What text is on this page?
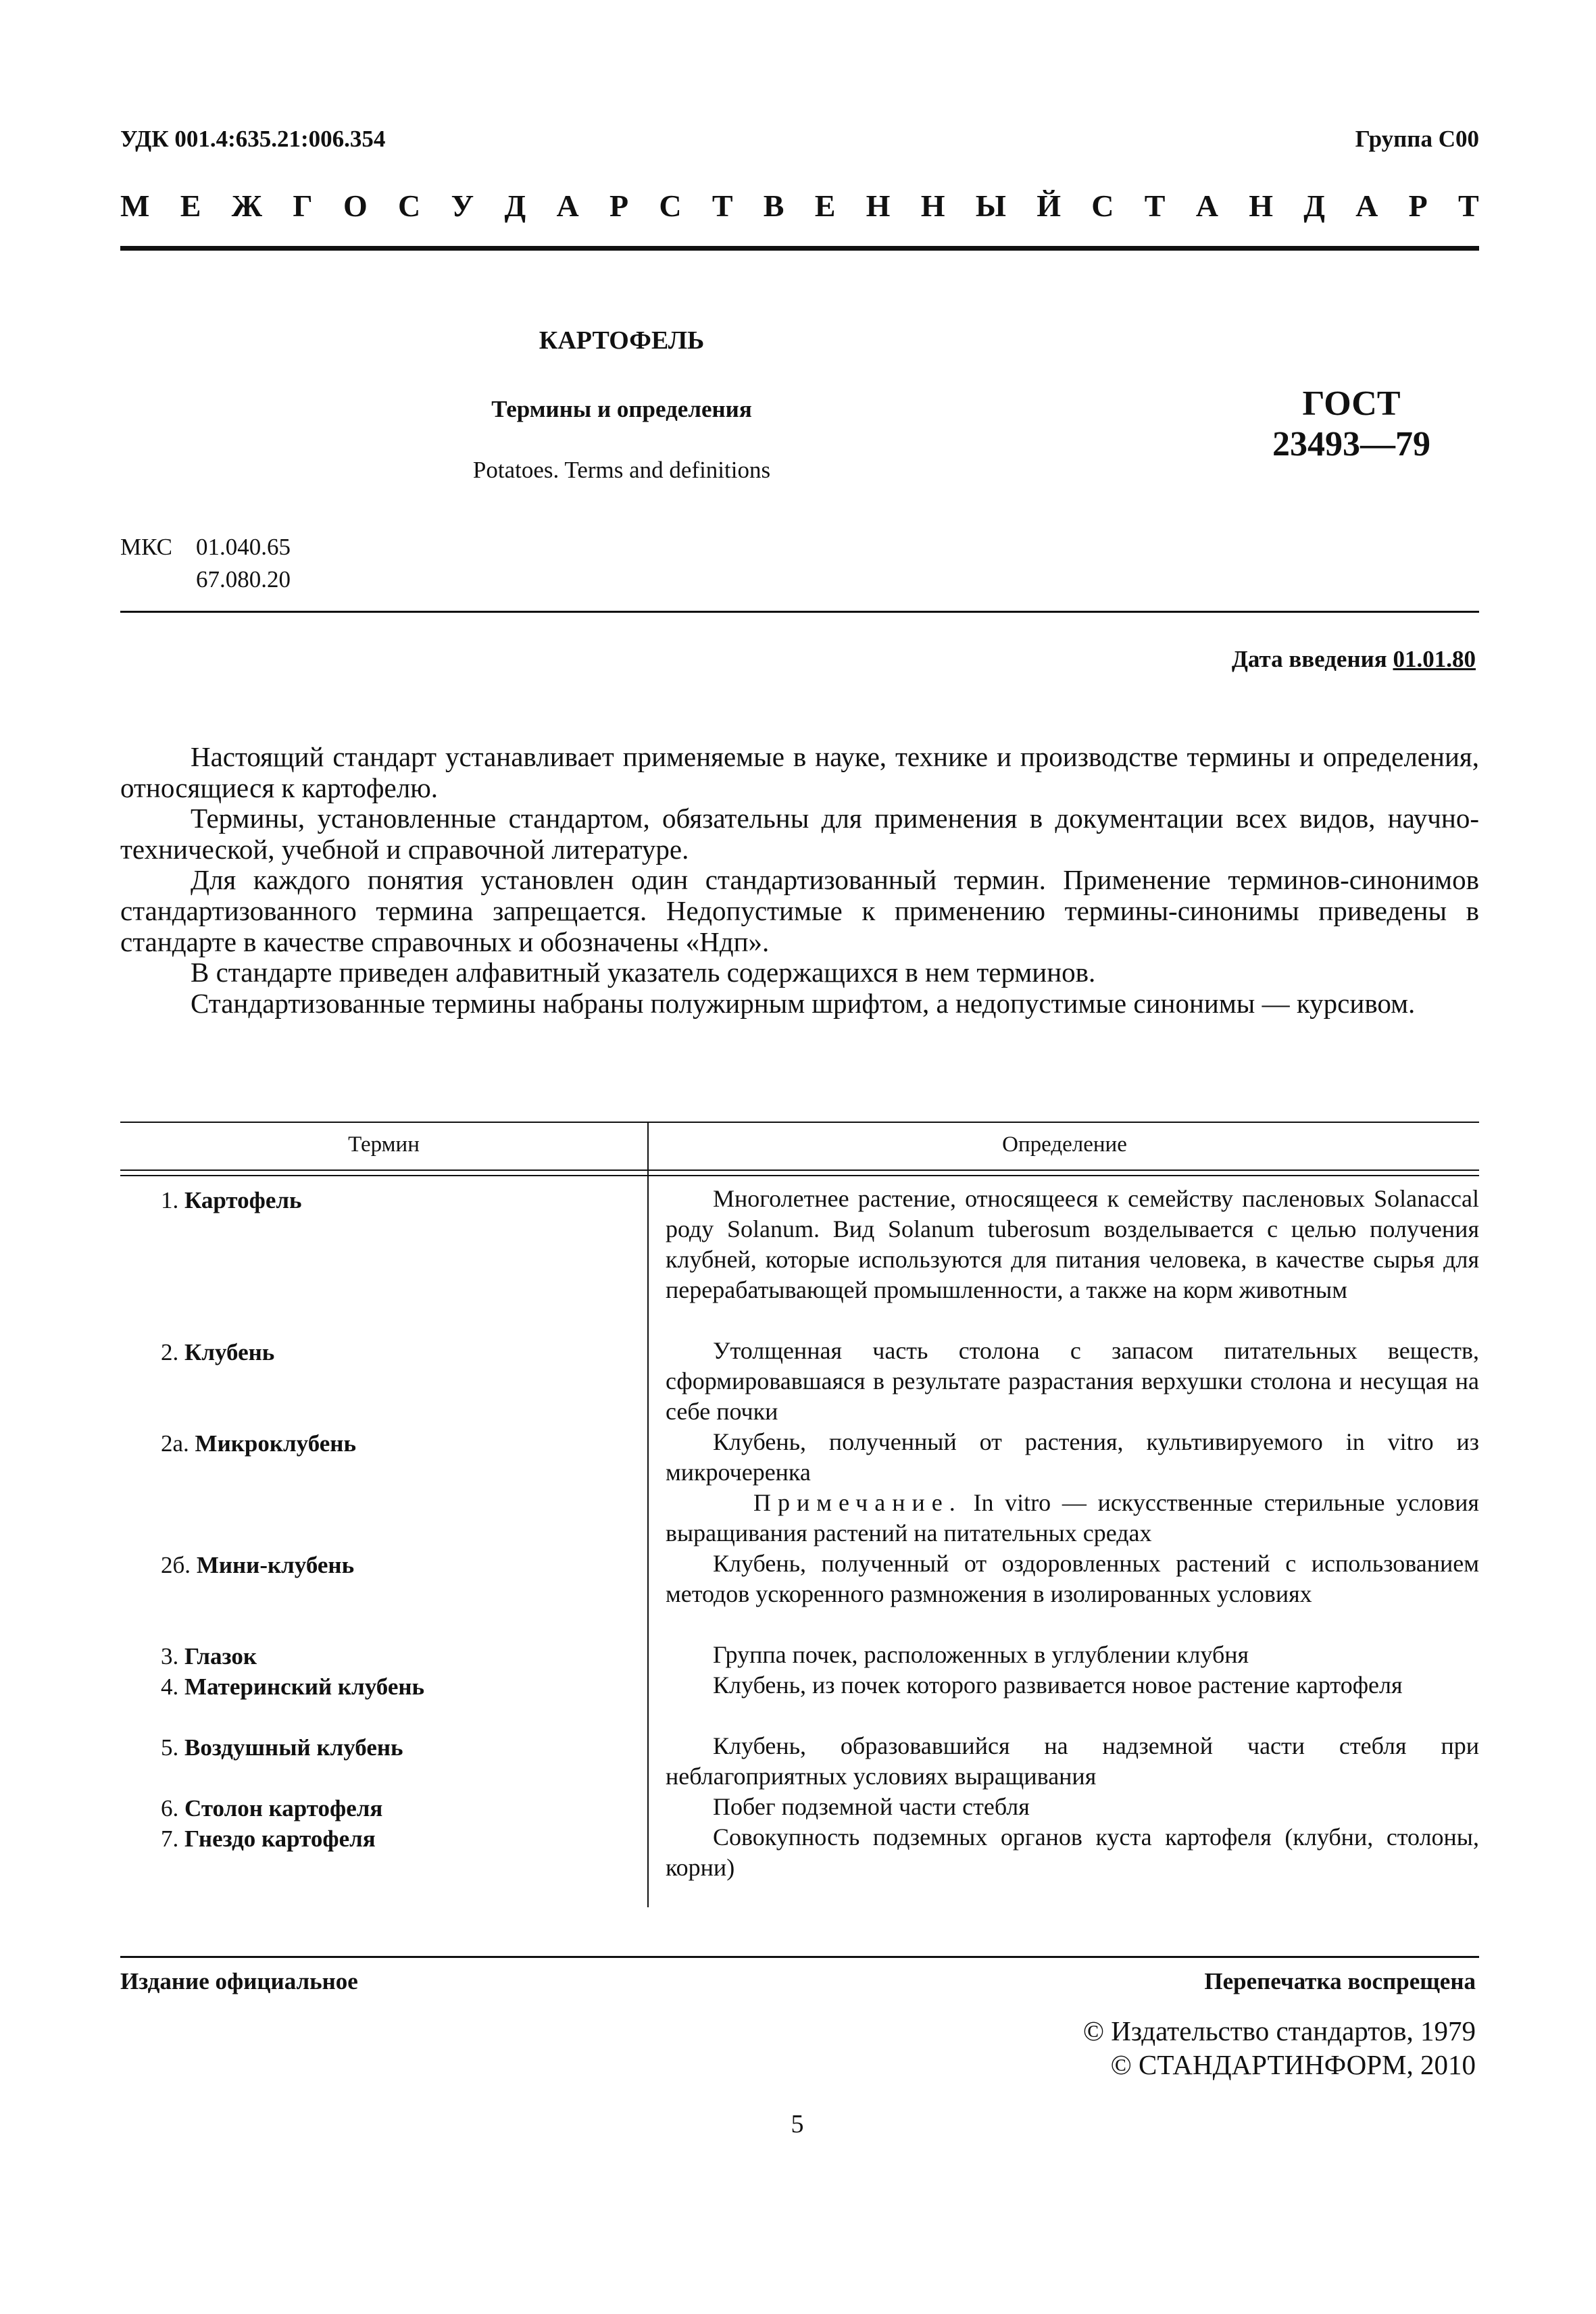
УДК 001.4:635.21:006.354	Группа С00
М Е Ж Г О С У Д А Р С Т В Е Н Н Ы Й С Т А Н Д А Р Т
КАРТОФЕЛЬ
Термины и определения
Potatoes. Terms and definitions
ГОСТ
23493—79
МКС 01.040.65
67.080.20
Дата введения 01.01.80

Настоящий стандарт устанавливает применяемые в науке, технике и производстве термины и определения, относящиеся к картофелю.

Термины, установленные стандартом, обязательны для применения в документации всех видов, научно-технической, учебной и справочной литературе.

Для каждого понятия установлен один стандартизованный термин. Применение терминов-синонимов стандартизованного термина запрещается. Недопустимые к применению термины-синонимы приведены в стандарте в качестве справочных и обозначены «Ндп».

В стандарте приведен алфавитный указатель содержащихся в нем терминов.

Стандартизованные термины набраны полужирным шрифтом, а недопустимые синонимы — курсивом.

Термин	Определение
1. Картофель	Многолетнее растение, относящееся к семейству пасленовых Solanaccal роду Solanum. Вид Solanum tuberosum возделывается с целью получения клубней, которые используются для питания человека, в качестве сырья для перерабатывающей промышленности, а также на корм животным

2. Клубень	Утолщенная часть столона с запасом питательных веществ, сформировавшаяся в результате разрастания верхушки столона и несущая на себе почки

2а. Микроклубень	Клубень, полученный от растения, культивируемого in vitro из микрочеренка

Примечание. In vitro — искусственные стерильные условия выращивания растений на питательных средах

2б. Мини-клубень	Клубень, полученный от оздоровленных растений с использованием методов ускоренного размножения в изолированных условиях

3. Глазок	Группа почек, расположенных в углублении клубня

4. Материнский клубень	Клубень, из почек которого развивается новое растение картофеля

5. Воздушный клубень	Клубень, образовавшийся на надземной части стебля при неблагоприятных условиях выращивания

6. Столон картофеля	Побег подземной части стебля

7. Гнездо картофеля	Совокупность подземных органов куста картофеля (клубни, столоны, корни)

Издание официальное	Перепечатка воспрещена
© Издательство стандартов, 1979
© СТАНДАРТИНФОРМ, 2010
5
